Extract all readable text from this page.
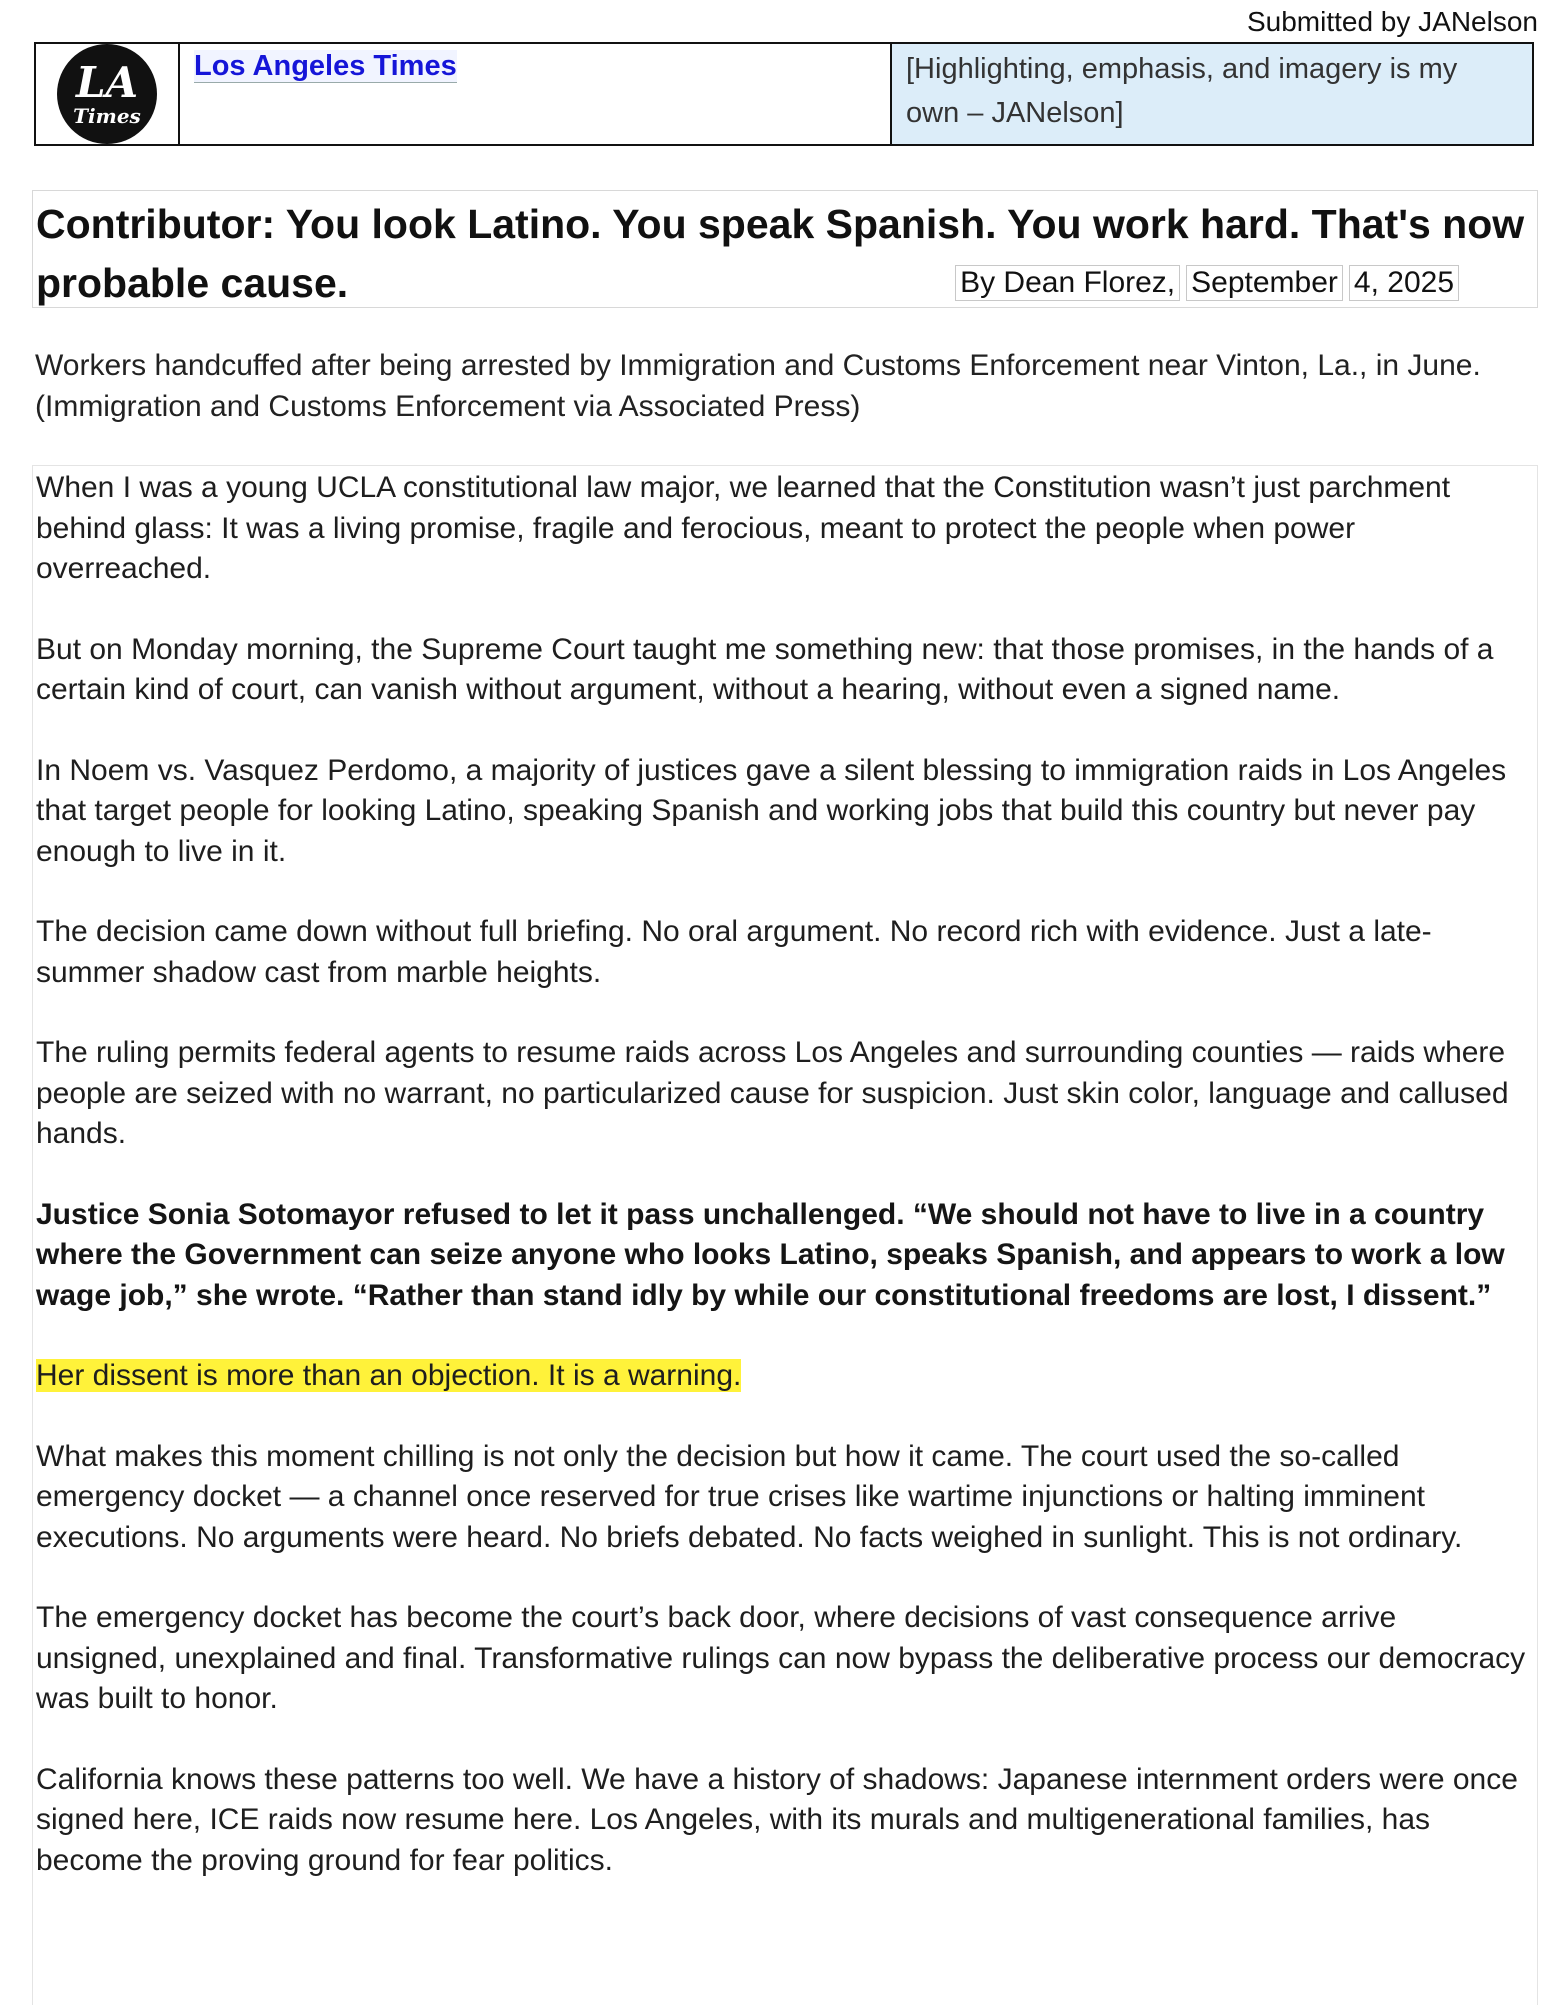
Submitted by JANelson
LA
Times
Los Angeles Times	[Highlighting, emphasis, and imagery is my own – JANelson]
Contributor: You look Latino. You speak Spanish. You work hard. That's now probable cause.	By Dean Florez, September 4, 2025
Workers handcuffed after being arrested by Immigration and Customs Enforcement near Vinton, La., in June. (Immigration and Customs Enforcement via Associated Press)

When I was a young UCLA constitutional law major, we learned that the Constitution wasn’t just parchment behind glass: It was a living promise, fragile and ferocious, meant to protect the people when power overreached.

But on Monday morning, the Supreme Court taught me something new: that those promises, in the hands of a certain kind of court, can vanish without argument, without a hearing, without even a signed name.

In Noem vs. Vasquez Perdomo, a majority of justices gave a silent blessing to immigration raids in Los Angeles that target people for looking Latino, speaking Spanish and working jobs that build this country but never pay enough to live in it.

The decision came down without full briefing. No oral argument. No record rich with evidence. Just a late-summer shadow cast from marble heights.

The ruling permits federal agents to resume raids across Los Angeles and surrounding counties — raids where people are seized with no warrant, no particularized cause for suspicion. Just skin color, language and callused hands.

Justice Sonia Sotomayor refused to let it pass unchallenged. “We should not have to live in a country where the Government can seize anyone who looks Latino, speaks Spanish, and appears to work a low wage job,” she wrote. “Rather than stand idly by while our constitutional freedoms are lost, I dissent.”

Her dissent is more than an objection. It is a warning.

What makes this moment chilling is not only the decision but how it came. The court used the so-called emergency docket — a channel once reserved for true crises like wartime injunctions or halting imminent executions. No arguments were heard. No briefs debated. No facts weighed in sunlight. This is not ordinary.

The emergency docket has become the court’s back door, where decisions of vast consequence arrive unsigned, unexplained and final. Transformative rulings can now bypass the deliberative process our democracy was built to honor.

California knows these patterns too well. We have a history of shadows: Japanese internment orders were once signed here, ICE raids now resume here. Los Angeles, with its murals and multigenerational families, has become the proving ground for fear politics.
